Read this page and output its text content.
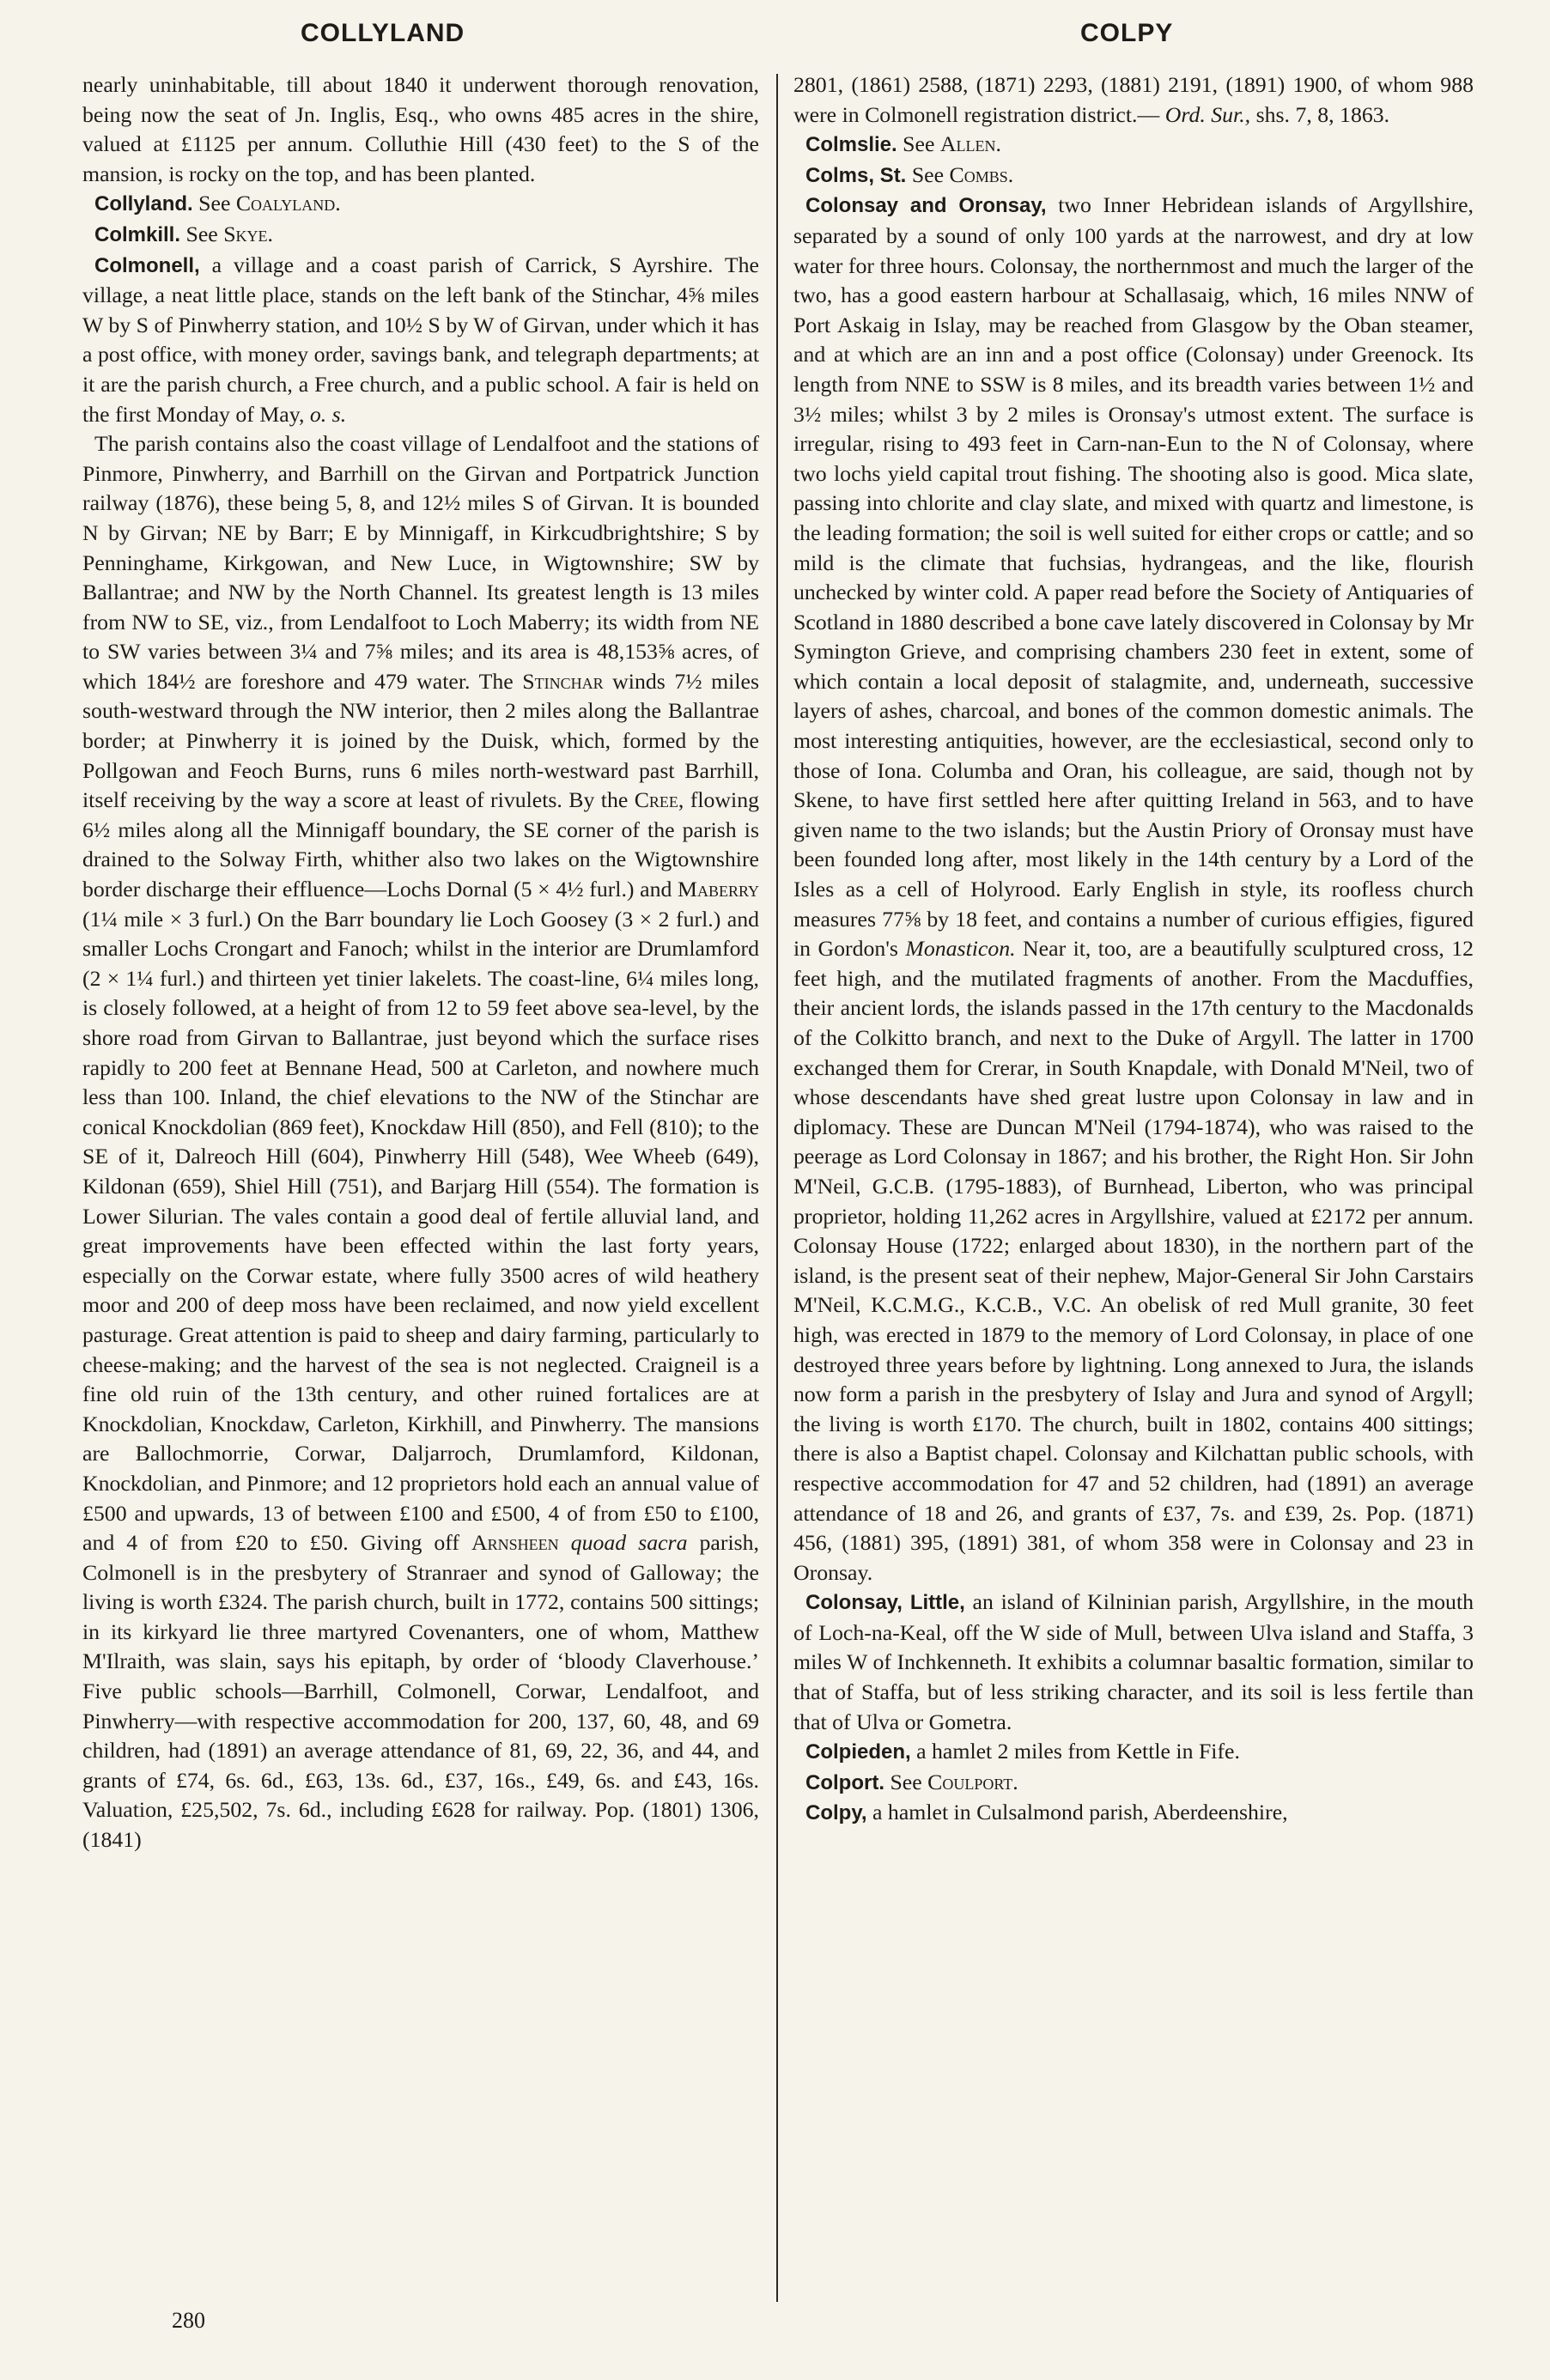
COLLYLAND	COLPY

nearly uninhabitable, till about 1840 it underwent thorough renovation, being now the seat of Jn. Inglis, Esq., who owns 485 acres in the shire, valued at £1125 per annum. Colluthie Hill (430 feet) to the S of the mansion, is rocky on the top, and has been planted.

Collyland. See Coalyland.

Colmkill. See Skye.

Colmonell, a village and a coast parish of Carrick, S Ayrshire. The village, a neat little place, stands on the left bank of the Stinchar, 4⅝ miles W by S of Pinwherry station, and 10½ S by W of Girvan, under which it has a post office, with money order, savings bank, and telegraph departments; at it are the parish church, a Free church, and a public school. A fair is held on the first Monday of May, o. s.

The parish contains also the coast village of Lendalfoot and the stations of Pinmore, Pinwherry, and Barrhill on the Girvan and Portpatrick Junction railway (1876), these being 5, 8, and 12½ miles S of Girvan. It is bounded N by Girvan; NE by Barr; E by Minnigaff, in Kirkcudbrightshire; S by Penninghame, Kirkgowan, and New Luce, in Wigtownshire; SW by Ballantrae; and NW by the North Channel. Its greatest length is 13 miles from NW to SE, viz., from Lendalfoot to Loch Maberry; its width from NE to SW varies between 3¼ and 7⅝ miles; and its area is 48,153⅝ acres, of which 184½ are foreshore and 479 water. The Stinchar winds 7½ miles south-westward through the NW interior, then 2 miles along the Ballantrae border; at Pinwherry it is joined by the Duisk, which, formed by the Pollgowan and Feoch Burns, runs 6 miles north-westward past Barrhill, itself receiving by the way a score at least of rivulets. By the Cree, flowing 6½ miles along all the Minnigaff boundary, the SE corner of the parish is drained to the Solway Firth, whither also two lakes on the Wigtownshire border discharge their effluence—Lochs Dornal (5 × 4½ furl.) and Maberry (1¼ mile × 3 furl.) On the Barr boundary lie Loch Goosey (3 × 2 furl.) and smaller Lochs Crongart and Fanoch; whilst in the interior are Drumlamford (2 × 1¼ furl.) and thirteen yet tinier lakelets. The coast-line, 6¼ miles long, is closely followed, at a height of from 12 to 59 feet above sea-level, by the shore road from Girvan to Ballantrae, just beyond which the surface rises rapidly to 200 feet at Bennane Head, 500 at Carleton, and nowhere much less than 100. Inland, the chief elevations to the NW of the Stinchar are conical Knockdolian (869 feet), Knockdaw Hill (850), and Fell (810); to the SE of it, Dalreoch Hill (604), Pinwherry Hill (548), Wee Wheeb (649), Kildonan (659), Shiel Hill (751), and Barjarg Hill (554). The formation is Lower Silurian. The vales contain a good deal of fertile alluvial land, and great improvements have been effected within the last forty years, especially on the Corwar estate, where fully 3500 acres of wild heathery moor and 200 of deep moss have been reclaimed, and now yield excellent pasturage. Great attention is paid to sheep and dairy farming, particularly to cheese-making; and the harvest of the sea is not neglected. Craigneil is a fine old ruin of the 13th century, and other ruined fortalices are at Knockdolian, Knockdaw, Carleton, Kirkhill, and Pinwherry. The mansions are Ballochmorrie, Corwar, Daljarroch, Drumlamford, Kildonan, Knockdolian, and Pinmore; and 12 proprietors hold each an annual value of £500 and upwards, 13 of between £100 and £500, 4 of from £50 to £100, and 4 of from £20 to £50. Giving off Arnsheen quoad sacra parish, Colmonell is in the presbytery of Stranraer and synod of Galloway; the living is worth £324. The parish church, built in 1772, contains 500 sittings; in its kirkyard lie three martyred Covenanters, one of whom, Matthew M'Ilraith, was slain, says his epitaph, by order of ‘bloody Claverhouse.’ Five public schools—Barrhill, Colmonell, Corwar, Lendalfoot, and Pinwherry—with respective accommodation for 200, 137, 60, 48, and 69 children, had (1891) an average attendance of 81, 69, 22, 36, and 44, and grants of £74, 6s. 6d., £63, 13s. 6d., £37, 16s., £49, 6s. and £43, 16s. Valuation, £25,502, 7s. 6d., including £628 for railway. Pop. (1801) 1306, (1841)

2801, (1861) 2588, (1871) 2293, (1881) 2191, (1891) 1900, of whom 988 were in Colmonell registration district.— Ord. Sur., shs. 7, 8, 1863.

Colmslie. See Allen.

Colms, St. See Combs.

Colonsay and Oronsay, two Inner Hebridean islands of Argyllshire, separated by a sound of only 100 yards at the narrowest, and dry at low water for three hours. Colonsay, the northernmost and much the larger of the two, has a good eastern harbour at Schallasaig, which, 16 miles NNW of Port Askaig in Islay, may be reached from Glasgow by the Oban steamer, and at which are an inn and a post office (Colonsay) under Greenock. Its length from NNE to SSW is 8 miles, and its breadth varies between 1½ and 3½ miles; whilst 3 by 2 miles is Oronsay's utmost extent. The surface is irregular, rising to 493 feet in Carn-nan-Eun to the N of Colonsay, where two lochs yield capital trout fishing. The shooting also is good. Mica slate, passing into chlorite and clay slate, and mixed with quartz and limestone, is the leading formation; the soil is well suited for either crops or cattle; and so mild is the climate that fuchsias, hydrangeas, and the like, flourish unchecked by winter cold. A paper read before the Society of Antiquaries of Scotland in 1880 described a bone cave lately discovered in Colonsay by Mr Symington Grieve, and comprising chambers 230 feet in extent, some of which contain a local deposit of stalagmite, and, underneath, successive layers of ashes, charcoal, and bones of the common domestic animals. The most interesting antiquities, however, are the ecclesiastical, second only to those of Iona. Columba and Oran, his colleague, are said, though not by Skene, to have first settled here after quitting Ireland in 563, and to have given name to the two islands; but the Austin Priory of Oronsay must have been founded long after, most likely in the 14th century by a Lord of the Isles as a cell of Holyrood. Early English in style, its roofless church measures 77⅝ by 18 feet, and contains a number of curious effigies, figured in Gordon's Monasticon. Near it, too, are a beautifully sculptured cross, 12 feet high, and the mutilated fragments of another. From the Macduffies, their ancient lords, the islands passed in the 17th century to the Macdonalds of the Colkitto branch, and next to the Duke of Argyll. The latter in 1700 exchanged them for Crerar, in South Knapdale, with Donald M'Neil, two of whose descendants have shed great lustre upon Colonsay in law and in diplomacy. These are Duncan M'Neil (1794-1874), who was raised to the peerage as Lord Colonsay in 1867; and his brother, the Right Hon. Sir John M'Neil, G.C.B. (1795-1883), of Burnhead, Liberton, who was principal proprietor, holding 11,262 acres in Argyllshire, valued at £2172 per annum. Colonsay House (1722; enlarged about 1830), in the northern part of the island, is the present seat of their nephew, Major-General Sir John Carstairs M'Neil, K.C.M.G., K.C.B., V.C. An obelisk of red Mull granite, 30 feet high, was erected in 1879 to the memory of Lord Colonsay, in place of one destroyed three years before by lightning. Long annexed to Jura, the islands now form a parish in the presbytery of Islay and Jura and synod of Argyll; the living is worth £170. The church, built in 1802, contains 400 sittings; there is also a Baptist chapel. Colonsay and Kilchattan public schools, with respective accommodation for 47 and 52 children, had (1891) an average attendance of 18 and 26, and grants of £37, 7s. and £39, 2s. Pop. (1871) 456, (1881) 395, (1891) 381, of whom 358 were in Colonsay and 23 in Oronsay.

Colonsay, Little, an island of Kilninian parish, Argyllshire, in the mouth of Loch-na-Keal, off the W side of Mull, between Ulva island and Staffa, 3 miles W of Inchkenneth. It exhibits a columnar basaltic formation, similar to that of Staffa, but of less striking character, and its soil is less fertile than that of Ulva or Gometra.

Colpieden, a hamlet 2 miles from Kettle in Fife.

Colport. See Coulport.

Colpy, a hamlet in Culsalmond parish, Aberdeenshire,

280
